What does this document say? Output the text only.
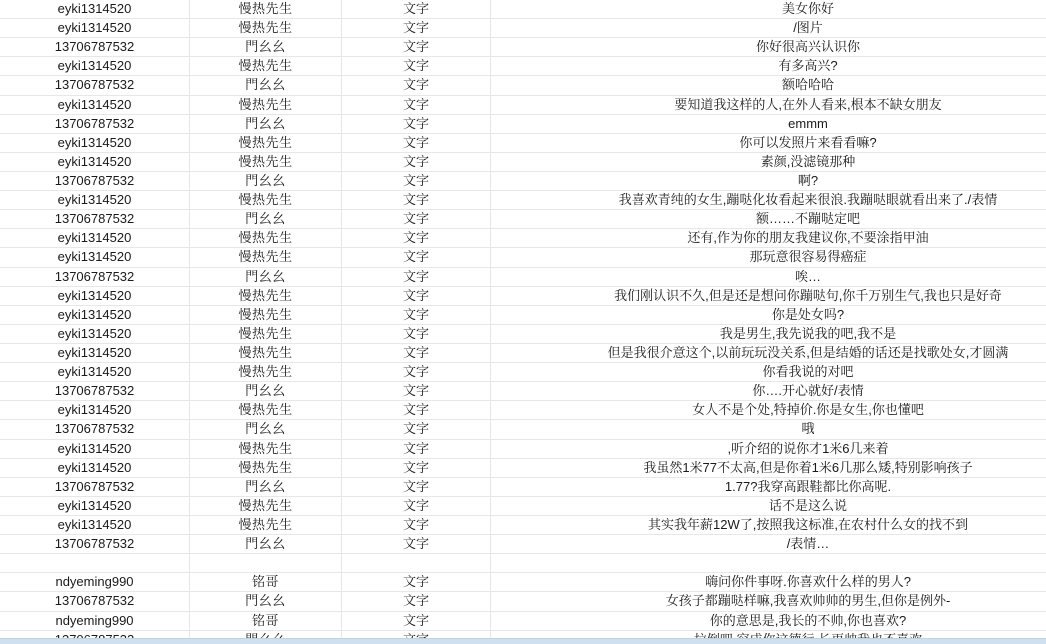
eyki1314520	慢热先生	文字	美女你好
eyki1314520	慢热先生	文字	/图片
13706787532	門幺幺	文字	你好很高兴认识你
eyki1314520	慢热先生	文字	有多高兴?
13706787532	門幺幺	文字	额哈哈哈
eyki1314520	慢热先生	文字	要知道我这样的人,在外人看来,根本不缺女朋友
13706787532	門幺幺	文字	emmm
eyki1314520	慢热先生	文字	你可以发照片来看看嘛?
eyki1314520	慢热先生	文字	素颜,没滤镜那种
13706787532	門幺幺	文字	啊?
eyki1314520	慢热先生	文字	我喜欢青纯的女生,蹦哒化妆看起来很浪.我蹦哒眼就看出来了./表情
13706787532	門幺幺	文字	额……不蹦哒定吧
eyki1314520	慢热先生	文字	还有,作为你的朋友我建议你,不要涂指甲油
eyki1314520	慢热先生	文字	那玩意很容易得癌症
13706787532	門幺幺	文字	唉…
eyki1314520	慢热先生	文字	我们刚认识不久,但是还是想问你蹦哒句,你千万别生气,我也只是好奇
eyki1314520	慢热先生	文字	你是处女吗?
eyki1314520	慢热先生	文字	我是男生,我先说我的吧,我不是
eyki1314520	慢热先生	文字	但是我很介意这个,以前玩玩没关系,但是结婚的话还是找歌处女,才圆满
eyki1314520	慢热先生	文字	你看我说的对吧
13706787532	門幺幺	文字	你….开心就好/表情
eyki1314520	慢热先生	文字	女人不是个处,特掉价.你是女生,你也懂吧
13706787532	門幺幺	文字	哦
eyki1314520	慢热先生	文字	,听介绍的说你才1米6几来着
eyki1314520	慢热先生	文字	我虽然1米77不太高,但是你着1米6几那么矮,特别影响孩子
13706787532	門幺幺	文字	1.77?我穿高跟鞋都比你高呢.
eyki1314520	慢热先生	文字	话不是这么说
eyki1314520	慢热先生	文字	其实我年薪12W了,按照我这标准,在农村什么女的找不到
13706787532	門幺幺	文字	/表情…
ndyeming990	铭哥	文字	嗨问你件事呀.你喜欢什么样的男人?
13706787532	門幺幺	文字	女孩子都蹦哒样嘛,我喜欢帅帅的男生,但你是例外-
ndyeming990	铭哥	文字	你的意思是,我长的不帅,你也喜欢?
